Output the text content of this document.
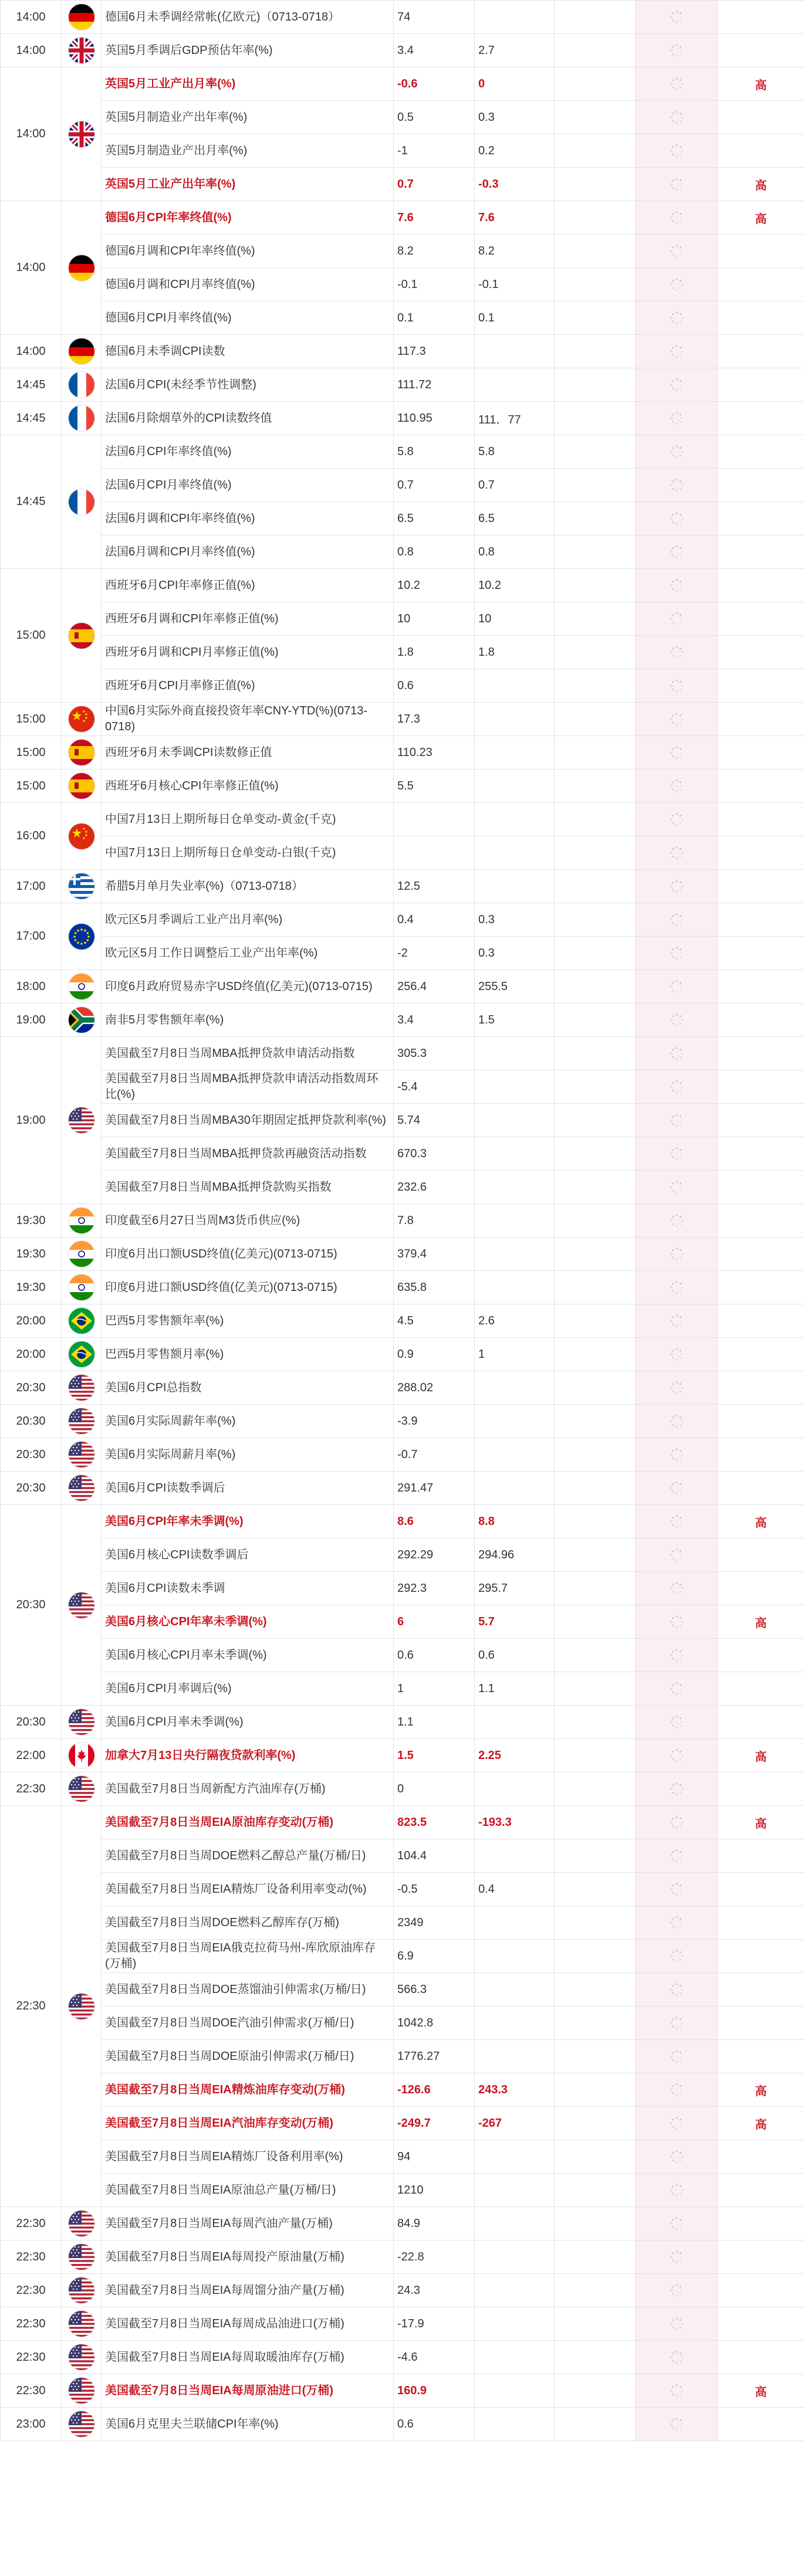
14:00		德国6月未季调经常帐(亿欧元)（0713-0718）	74				
14:00		英国5月季调后GDP预估年率(%)	3.4	2.7			
14:00		英国5月工业产出月率(%)	-0.6	0			高
		英国5月制造业产出年率(%)	0.5	0.3			
		英国5月制造业产出月率(%)	-1	0.2			
		英国5月工业产出年率(%)	0.7	-0.3			高
14:00		德国6月CPI年率终值(%)	7.6	7.6			高
		德国6月调和CPI年率终值(%)	8.2	8.2			
		德国6月调和CPI月率终值(%)	-0.1	-0.1			
		德国6月CPI月率终值(%)	0.1	0.1			
14:00		德国6月未季调CPI读数	117.3				
14:45		法国6月CPI(未经季节性调整)	111.72				
14:45		法国6月除烟草外的CPI读数终值	110.95	111．77			
14:45		法国6月CPI年率终值(%)	5.8	5.8			
		法国6月CPI月率终值(%)	0.7	0.7			
		法国6月调和CPI年率终值(%)	6.5	6.5			
		法国6月调和CPI月率终值(%)	0.8	0.8			
15:00		西班牙6月CPI年率修正值(%)	10.2	10.2			
		西班牙6月调和CPI年率修正值(%)	10	10			
		西班牙6月调和CPI月率修正值(%)	1.8	1.8			
		西班牙6月CPI月率修正值(%)	0.6				
15:00		中国6月实际外商直接投资年率CNY-YTD(%)(0713-0718)	17.3				
15:00		西班牙6月未季调CPI读数修正值	110.23				
15:00		西班牙6月核心CPI年率修正值(%)	5.5				
16:00		中国7月13日上期所每日仓单变动-黄金(千克)					
		中国7月13日上期所每日仓单变动-白银(千克)					
17:00		希腊5月单月失业率(%)（0713-0718）	12.5				
17:00		欧元区5月季调后工业产出月率(%)	0.4	0.3			
		欧元区5月工作日调整后工业产出年率(%)	-2	0.3			
18:00		印度6月政府贸易赤字USD终值(亿美元)(0713-0715)	256.4	255.5			
19:00		南非5月零售额年率(%)	3.4	1.5			
19:00		美国截至7月8日当周MBA抵押贷款申请活动指数	305.3				
		美国截至7月8日当周MBA抵押贷款申请活动指数周环比(%)	-5.4				
		美国截至7月8日当周MBA30年期固定抵押贷款利率(%)	5.74				
		美国截至7月8日当周MBA抵押贷款再融资活动指数	670.3				
		美国截至7月8日当周MBA抵押贷款购买指数	232.6				
19:30		印度截至6月27日当周M3货币供应(%)	7.8				
19:30		印度6月出口额USD终值(亿美元)(0713-0715)	379.4				
19:30		印度6月进口额USD终值(亿美元)(0713-0715)	635.8				
20:00		巴西5月零售额年率(%)	4.5	2.6			
20:00		巴西5月零售额月率(%)	0.9	1			
20:30		美国6月CPI总指数	288.02				
20:30		美国6月实际周薪年率(%)	-3.9				
20:30		美国6月实际周薪月率(%)	-0.7				
20:30		美国6月CPI读数季调后	291.47				
20:30		美国6月CPI年率未季调(%)	8.6	8.8			高
		美国6月核心CPI读数季调后	292.29	294.96			
		美国6月CPI读数未季调	292.3	295.7			
		美国6月核心CPI年率未季调(%)	6	5.7			高
		美国6月核心CPI月率未季调(%)	0.6	0.6			
		美国6月CPI月率调后(%)	1	1.1			
20:30		美国6月CPI月率未季调(%)	1.1				
22:00		加拿大7月13日央行隔夜贷款利率(%)	1.5	2.25			高
22:30		美国截至7月8日当周新配方汽油库存(万桶)	0				
22:30		美国截至7月8日当周EIA原油库存变动(万桶)	823.5	-193.3			高
		美国截至7月8日当周DOE燃料乙醇总产量(万桶/日)	104.4				
		美国截至7月8日当周EIA精炼厂设备利用率变动(%)	-0.5	0.4			
		美国截至7月8日当周DOE燃料乙醇库存(万桶)	2349				
		美国截至7月8日当周EIA俄克拉荷马州-库欣原油库存(万桶)	6.9				
		美国截至7月8日当周DOE蒸馏油引伸需求(万桶/日)	566.3				
		美国截至7月8日当周DOE汽油引伸需求(万桶/日)	1042.8				
		美国截至7月8日当周DOE原油引伸需求(万桶/日)	1776.27				
		美国截至7月8日当周EIA精炼油库存变动(万桶)	-126.6	243.3			高
		美国截至7月8日当周EIA汽油库存变动(万桶)	-249.7	-267			高
		美国截至7月8日当周EIA精炼厂设备利用率(%)	94				
		美国截至7月8日当周EIA原油总产量(万桶/日)	1210				
22:30		美国截至7月8日当周EIA每周汽油产量(万桶)	84.9				
22:30		美国截至7月8日当周EIA每周投产原油量(万桶)	-22.8				
22:30		美国截至7月8日当周EIA每周馏分油产量(万桶)	24.3				
22:30		美国截至7月8日当周EIA每周成品油进口(万桶)	-17.9				
22:30		美国截至7月8日当周EIA每周取暖油库存(万桶)	-4.6				
22:30		美国截至7月8日当周EIA每周原油进口(万桶)	160.9				高
23:00		美国6月克里夫兰联储CPI年率(%)	0.6				
